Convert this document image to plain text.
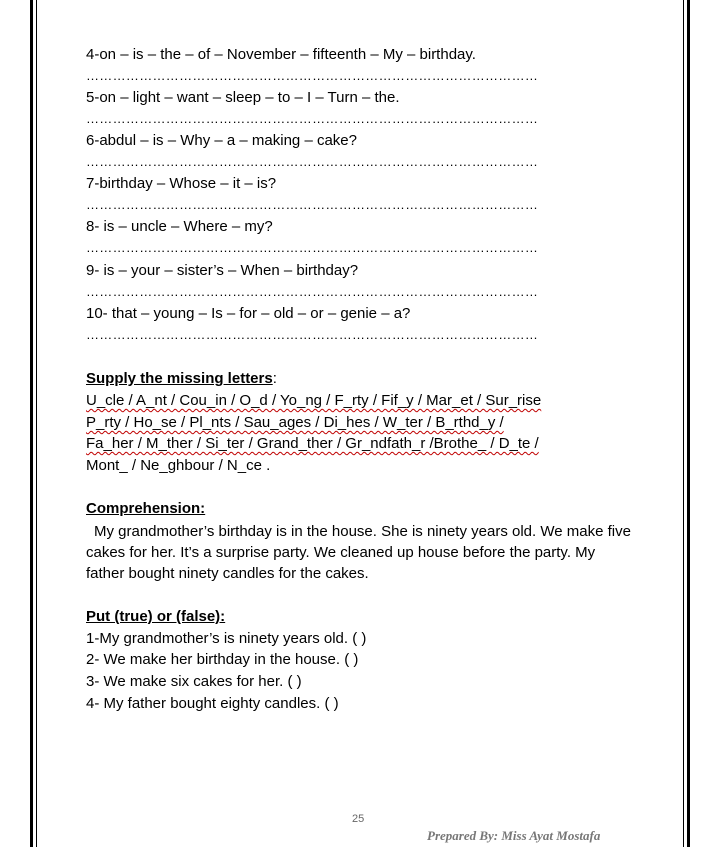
4-on – is – the – of – November – fifteenth – My – birthday.
…………………………………………………………………………………………
5-on – light – want – sleep – to – I – Turn – the.
…………………………………………………………………………………………
6-abdul – is – Why – a – making – cake?
…………………………………………………………………………………………
7-birthday – Whose – it – is?
…………………………………………………………………………………………
8- is – uncle – Where – my?
…………………………………………………………………………………………
9- is – your – sister’s – When – birthday?
…………………………………………………………………………………………
10- that – young – Is – for – old – or – genie – a?
…………………………………………………………………………………………
Supply the missing letters:
U_cle / A_nt / Cou_in / O_d / Yo_ng / F_rty / Fif_y / Mar_et / Sur_rise
P_rty / Ho_se / Pl_nts / Sau_ages / Di_hes / W_ter / B_rthd_y /
Fa_her / M_ther / Si_ter / Grand_ther / Gr_ndfath_r /Brothe_ / D_te /
Mont_ / Ne_ghbour / N_ce .
Comprehension:
My grandmother’s birthday is in the house. She is ninety years old. We make five cakes for her. It’s a surprise party. We cleaned up house before the party. My father bought ninety candles for the cakes.
Put (true) or (false):
1-My grandmother’s is ninety years old. ( )
2- We make her birthday in the house. ( )
3- We make six cakes for her. ( )
4- My father bought eighty candles. ( )
25
Prepared By: Miss Ayat Mostafa
